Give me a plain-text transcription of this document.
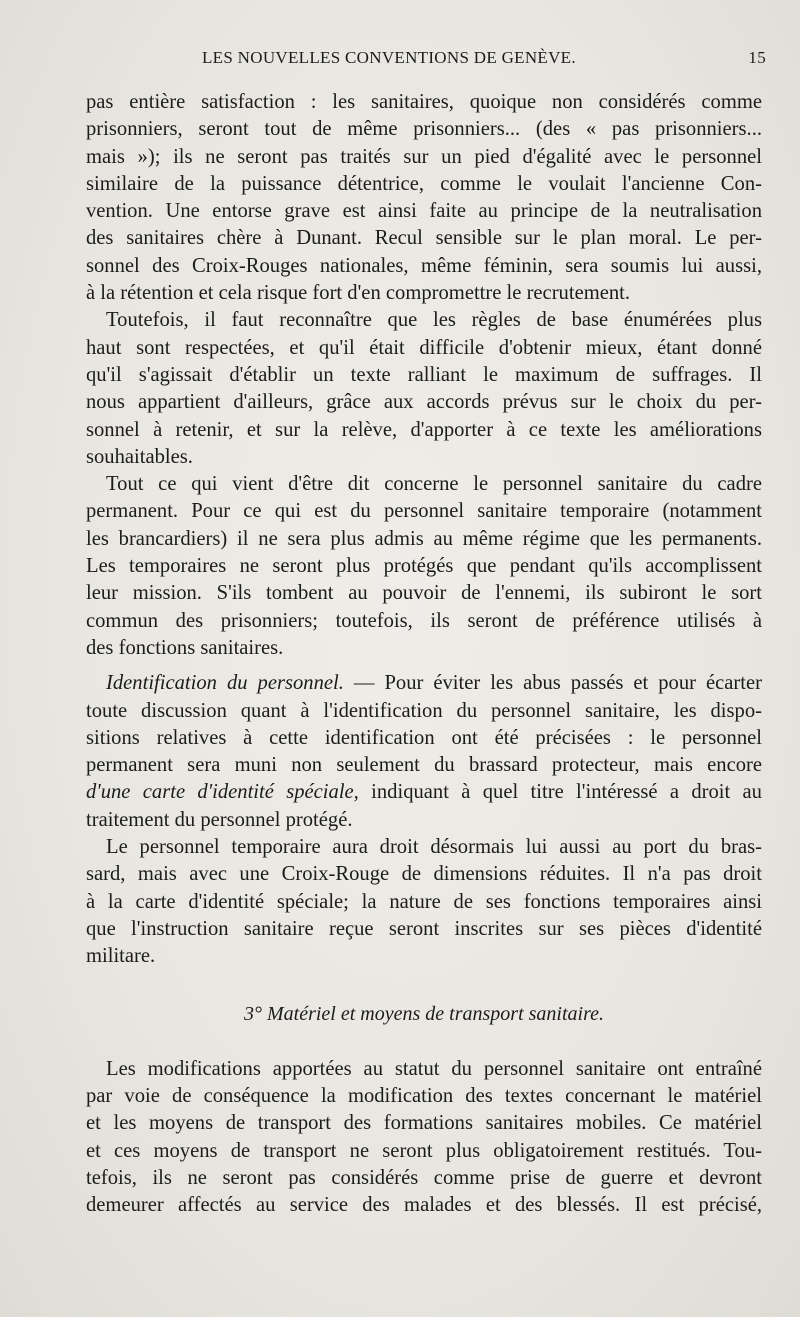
LES NOUVELLES CONVENTIONS DE GENÈVE.	15
pas entière satisfaction : les sanitaires, quoique non considérés comme
prisonniers, seront tout de même prisonniers... (des « pas prisonniers...
mais »); ils ne seront pas traités sur un pied d'égalité avec le personnel
similaire de la puissance détentrice, comme le voulait l'ancienne Con-
vention. Une entorse grave est ainsi faite au principe de la neutralisation
des sanitaires chère à Dunant. Recul sensible sur le plan moral. Le per-
sonnel des Croix-Rouges nationales, même féminin, sera soumis lui aussi,
à la rétention et cela risque fort d'en compromettre le recrutement.
Toutefois, il faut reconnaître que les règles de base énumérées plus
haut sont respectées, et qu'il était difficile d'obtenir mieux, étant donné
qu'il s'agissait d'établir un texte ralliant le maximum de suffrages. Il
nous appartient d'ailleurs, grâce aux accords prévus sur le choix du per-
sonnel à retenir, et sur la relève, d'apporter à ce texte les améliorations
souhaitables.
Tout ce qui vient d'être dit concerne le personnel sanitaire du cadre
permanent. Pour ce qui est du personnel sanitaire temporaire (notamment
les brancardiers) il ne sera plus admis au même régime que les permanents.
Les temporaires ne seront plus protégés que pendant qu'ils accomplissent
leur mission. S'ils tombent au pouvoir de l'ennemi, ils subiront le sort
commun des prisonniers; toutefois, ils seront de préférence utilisés à
des fonctions sanitaires.
Identification du personnel. — Pour éviter les abus passés et pour écarter
toute discussion quant à l'identification du personnel sanitaire, les dispo-
sitions relatives à cette identification ont été précisées : le personnel
permanent sera muni non seulement du brassard protecteur, mais encore
d'une carte d'identité spéciale, indiquant à quel titre l'intéressé a droit au
traitement du personnel protégé.
Le personnel temporaire aura droit désormais lui aussi au port du bras-
sard, mais avec une Croix-Rouge de dimensions réduites. Il n'a pas droit
à la carte d'identité spéciale; la nature de ses fonctions temporaires ainsi
que l'instruction sanitaire reçue seront inscrites sur ses pièces d'identité
militare.
3° Matériel et moyens de transport sanitaire.
Les modifications apportées au statut du personnel sanitaire ont entraîné
par voie de conséquence la modification des textes concernant le matériel
et les moyens de transport des formations sanitaires mobiles. Ce matériel
et ces moyens de transport ne seront plus obligatoirement restitués. Tou-
tefois, ils ne seront pas considérés comme prise de guerre et devront
demeurer affectés au service des malades et des blessés. Il est précisé,
